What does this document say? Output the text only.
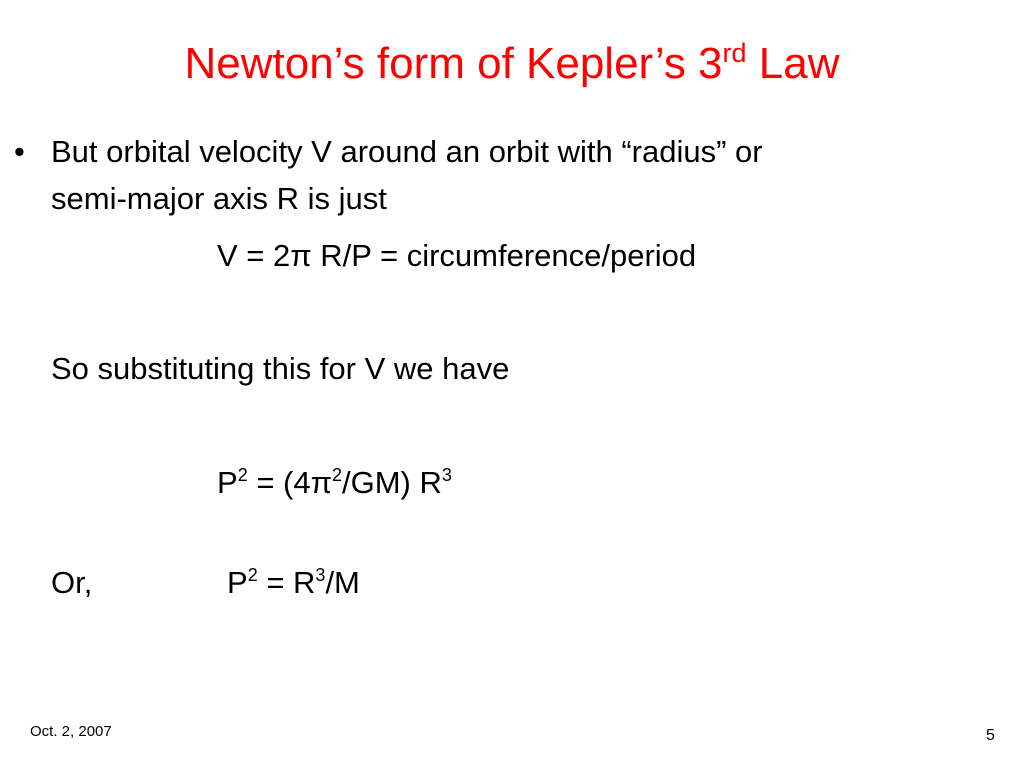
Newton’s form of Kepler’s 3rd Law
• But orbital velocity V around an orbit with “radius” or
semi-major axis R is just
V = 2π R/P = circumference/period
So substituting this for V we have
$P^2 = (4\pi^2/GM)$ $R^3$
Or,	$P^2 = R^3/M$
Oct. 2, 2007	5
